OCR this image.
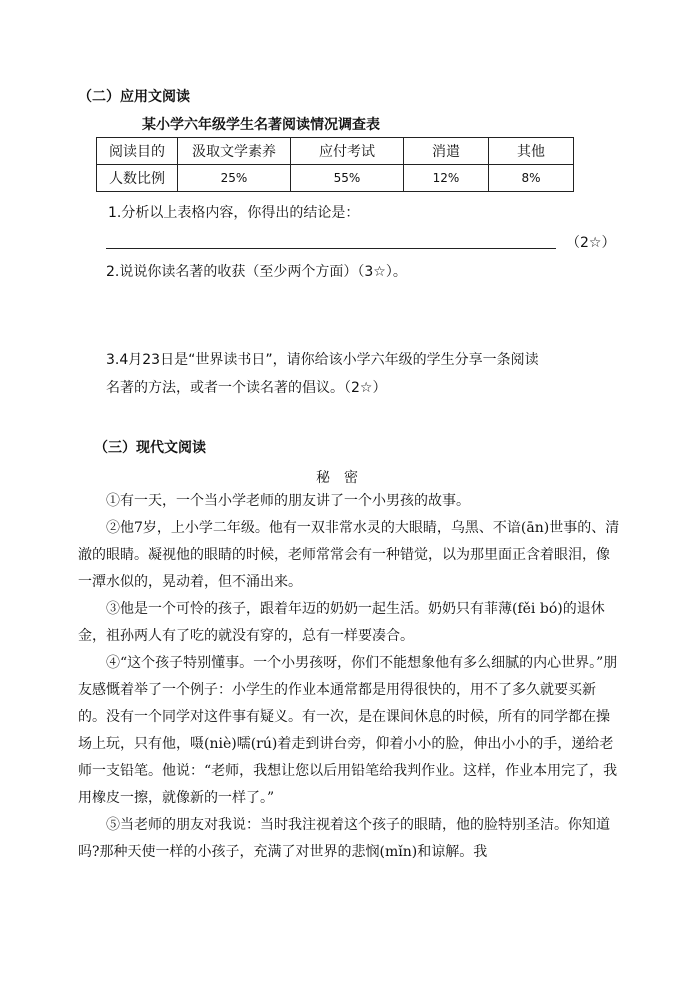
（二）应用文阅读
某小学六年级学生名著阅读情况调查表
阅读目的	汲取文学素养	应付考试	消遣	其他
人数比例	25%	55%	12%	8%
1.分析以上表格内容，你得出的结论是：
（2☆）
2.说说你读名著的收获（至少两个方面）（3☆）。
3.4月23日是“世界读书日”，请你给该小学六年级的学生分享一条阅读
名著的方法，或者一个读名著的倡议。（2☆）
（三）现代文阅读
秘　密

①有一天，一个当小学老师的朋友讲了一个小男孩的故事。

②他7岁，上小学二年级。他有一双非常水灵的大眼睛，乌黑、不谙(ān)世事的、清澈的眼睛。凝视他的眼睛的时候，老师常常会有一种错觉，以为那里面正含着眼泪，像一潭水似的，晃动着，但不涌出来。

③他是一个可怜的孩子，跟着年迈的奶奶一起生活。奶奶只有菲薄(fěi bó)的退休金，祖孙两人有了吃的就没有穿的，总有一样要凑合。

④“这个孩子特别懂事。一个小男孩呀，你们不能想象他有多么细腻的内心世界。”朋友感慨着举了一个例子：小学生的作业本通常都是用得很快的，用不了多久就要买新的。没有一个同学对这件事有疑义。有一次，是在课间休息的时候，所有的同学都在操场上玩，只有他，嗫(niè)嚅(rú)着走到讲台旁，仰着小小的脸，伸出小小的手，递给老师一支铅笔。他说：“老师，我想让您以后用铅笔给我判作业。这样，作业本用完了，我用橡皮一擦，就像新的一样了。”

⑤当老师的朋友对我说：当时我注视着这个孩子的眼睛，他的脸特别圣洁。你知道吗?那种天使一样的小孩子，充满了对世界的悲悯(mǐn)和谅解。我
